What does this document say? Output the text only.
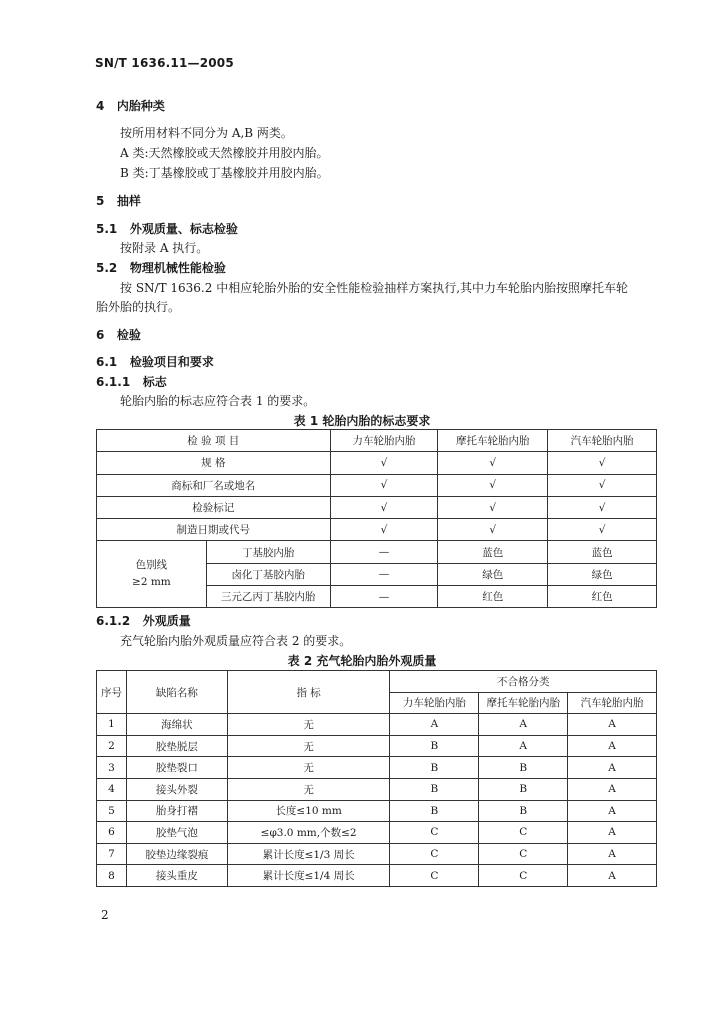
SN/T 1636.11—2005
4 内胎种类
按所用材料不同分为 A,B 两类。
A 类:天然橡胶或天然橡胶并用胶内胎。
B 类:丁基橡胶或丁基橡胶并用胶内胎。
5 抽样
5.1 外观质量、标志检验
按附录 A 执行。
5.2 物理机械性能检验
按 SN/T 1636.2 中相应轮胎外胎的安全性能检验抽样方案执行,其中力车轮胎内胎按照摩托车轮
胎外胎的执行。
6 检验
6.1 检验项目和要求
6.1.1 标志
轮胎内胎的标志应符合表 1 的要求。
表 1 轮胎内胎的标志要求
检 验 项 目		力车轮胎内胎	摩托车轮胎内胎	汽车轮胎内胎
规 格		√	√	√
商标和厂名或地名		√	√	√
检验标记		√	√	√
制造日期或代号		√	√	√
色别线
≥2 mm	丁基胶内胎	—	蓝色	蓝色
	卤化丁基胶内胎	—	绿色	绿色
	三元乙丙丁基胶内胎	—	红色	红色
6.1.2 外观质量
充气轮胎内胎外观质量应符合表 2 的要求。
表 2 充气轮胎内胎外观质量
序号	缺陷名称	指 标	不合格分类		
			力车轮胎内胎	摩托车轮胎内胎	汽车轮胎内胎
1	海绵状	无	A	A	A
2	胶垫脱层	无	B	A	A
3	胶垫裂口	无	B	B	A
4	接头外裂	无	B	B	A
5	胎身打褶	长度≤10 mm	B	B	A
6	胶垫气泡	≤φ3.0 mm,个数≤2	C	C	A
7	胶垫边缘裂痕	累计长度≤1/3 周长	C	C	A
8	接头重皮	累计长度≤1/4 周长	C	C	A
2
